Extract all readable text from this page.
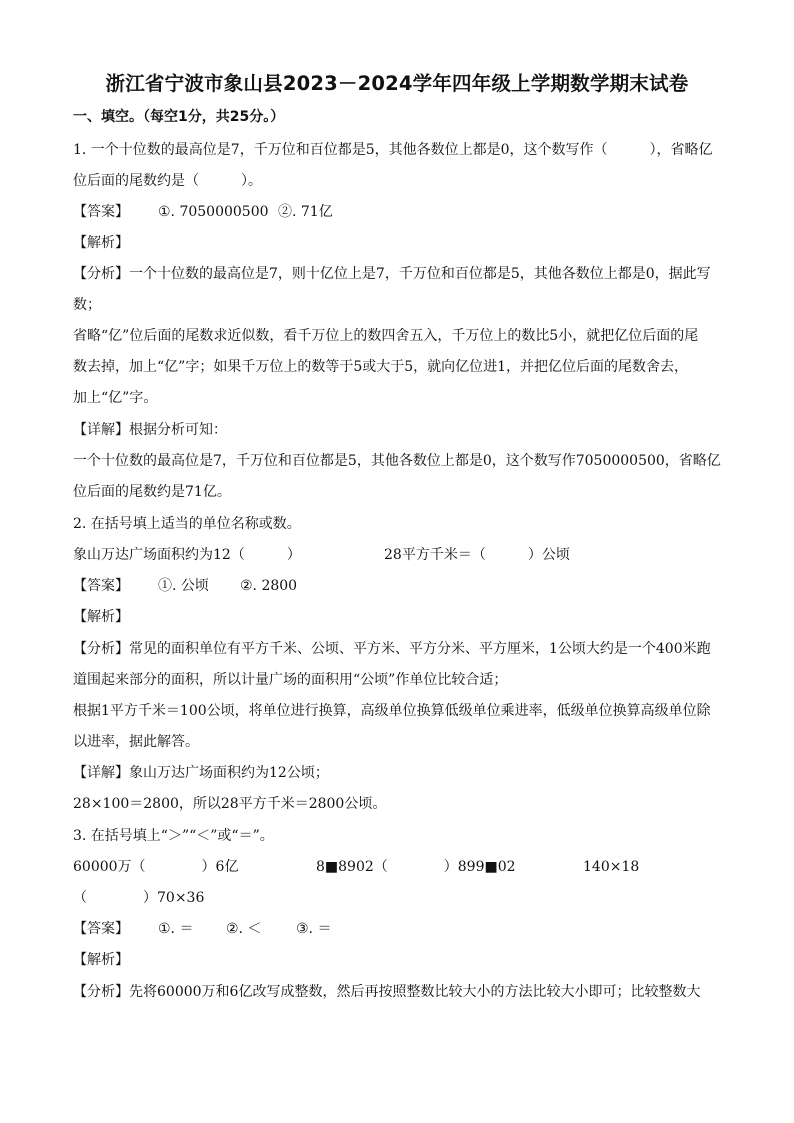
浙江省宁波市象山县2023－2024学年四年级上学期数学期末试卷
一、填空。（每空1分，共25分。）
1. 一个十位数的最高位是7，千万位和百位都是5，其他各数位上都是0，这个数写作（　　　），省略亿
位后面的尾数约是（　　　）。
【答案】 ①. 7050000500 ②. 71亿
【解析】
【分析】一个十位数的最高位是7，则十亿位上是7，千万位和百位都是5，其他各数位上都是0，据此写
数；
省略“亿”位后面的尾数求近似数，看千万位上的数四舍五入，千万位上的数比5小，就把亿位后面的尾
数去掉，加上“亿”字；如果千万位上的数等于5或大于5，就向亿位进1，并把亿位后面的尾数舍去，
加上“亿”字。
【详解】根据分析可知：
一个十位数的最高位是7，千万位和百位都是5，其他各数位上都是0，这个数写作7050000500，省略亿
位后面的尾数约是71亿。
2. 在括号填上适当的单位名称或数。
象山万达广场面积约为12（　　　）	28平方千米＝（　　　）公顷
【答案】 ①. 公顷 ②. 2800
【解析】
【分析】常见的面积单位有平方千米、公顷、平方米、平方分米、平方厘米，1公顷大约是一个400米跑
道围起来部分的面积，所以计量广场的面积用“公顷”作单位比较合适；
根据1平方千米＝100公顷，将单位进行换算，高级单位换算低级单位乘进率，低级单位换算高级单位除
以进率，据此解答。
【详解】象山万达广场面积约为12公顷；
28×100＝2800，所以28平方千米＝2800公顷。
3. 在括号填上“＞”“＜”或“＝”。
60000万（　　　　）6亿	8■8902（　　　　）899■02	140×18
（　　　　）70×36
【答案】 ①. ＝ ②. ＜ ③. ＝
【解析】
【分析】先将60000万和6亿改写成整数，然后再按照整数比较大小的方法比较大小即可；比较整数大
